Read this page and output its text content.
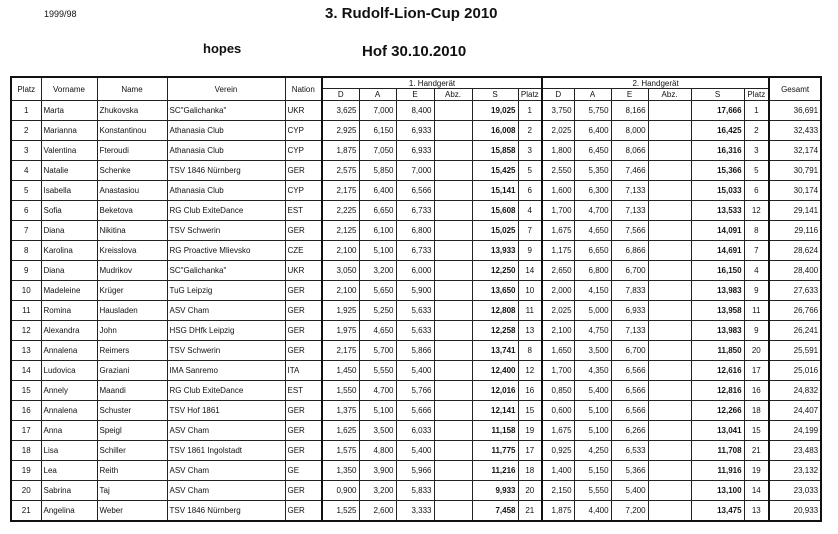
1999/98	3. Rudolf-Lion-Cup 2010
hopes	Hof 30.10.2010
Platz	Vorname	Name	Verein	Nation	1. Handgerät						2. Handgerät						Gesamt
					D	A	E	Abz.	S	Platz	D	A	E	Abz.	S	Platz	
1	Marta	Zhukovska	SC"Galichanka"	UKR	3,625	7,000	8,400		19,025	1	3,750	5,750	8,166		17,666	1	36,691
2	Marianna	Konstantinou	Athanasia Club	CYP	2,925	6,150	6,933		16,008	2	2,025	6,400	8,000		16,425	2	32,433
3	Valentina	Fteroudi	Athanasia Club	CYP	1,875	7,050	6,933		15,858	3	1,800	6,450	8,066		16,316	3	32,174
4	Natalie	Schenke	TSV 1846 Nürnberg	GER	2,575	5,850	7,000		15,425	5	2,550	5,350	7,466		15,366	5	30,791
5	Isabella	Anastasiou	Athanasia Club	CYP	2,175	6,400	6,566		15,141	6	1,600	6,300	7,133		15,033	6	30,174
6	Sofia	Beketova	RG Club ExiteDance	EST	2,225	6,650	6,733		15,608	4	1,700	4,700	7,133		13,533	12	29,141
7	Diana	Nikitina	TSV Schwerin	GER	2,125	6,100	6,800		15,025	7	1,675	4,650	7,566		14,091	8	29,116
8	Karolina	Kreisslova	RG Proactive Mlievsko	CZE	2,100	5,100	6,733		13,933	9	1,175	6,650	6,866		14,691	7	28,624
9	Diana	Mudrikov	SC"Galichanka"	UKR	3,050	3,200	6,000		12,250	14	2,650	6,800	6,700		16,150	4	28,400
10	Madeleine	Krüger	TuG Leipzig	GER	2,100	5,650	5,900		13,650	10	2,000	4,150	7,833		13,983	9	27,633
11	Romina	Hausladen	ASV Cham	GER	1,925	5,250	5,633		12,808	11	2,025	5,000	6,933		13,958	11	26,766
12	Alexandra	John	HSG DHfk Leipzig	GER	1,975	4,650	5,633		12,258	13	2,100	4,750	7,133		13,983	9	26,241
13	Annalena	Reimers	TSV Schwerin	GER	2,175	5,700	5,866		13,741	8	1,650	3,500	6,700		11,850	20	25,591
14	Ludovica	Graziani	IMA Sanremo	ITA	1,450	5,550	5,400		12,400	12	1,700	4,350	6,566		12,616	17	25,016
15	Annely	Maandi	RG Club ExiteDance	EST	1,550	4,700	5,766		12,016	16	0,850	5,400	6,566		12,816	16	24,832
16	Annalena	Schuster	TSV Hof 1861	GER	1,375	5,100	5,666		12,141	15	0,600	5,100	6,566		12,266	18	24,407
17	Anna	Speigl	ASV Cham	GER	1,625	3,500	6,033		11,158	19	1,675	5,100	6,266		13,041	15	24,199
18	Lisa	Schiller	TSV 1861 Ingolstadt	GER	1,575	4,800	5,400		11,775	17	0,925	4,250	6,533		11,708	21	23,483
19	Lea	Reith	ASV Cham	GE	1,350	3,900	5,966		11,216	18	1,400	5,150	5,366		11,916	19	23,132
20	Sabrina	Taj	ASV Cham	GER	0,900	3,200	5,833		9,933	20	2,150	5,550	5,400		13,100	14	23,033
21	Angelina	Weber	TSV 1846 Nürnberg	GER	1,525	2,600	3,333		7,458	21	1,875	4,400	7,200		13,475	13	20,933
